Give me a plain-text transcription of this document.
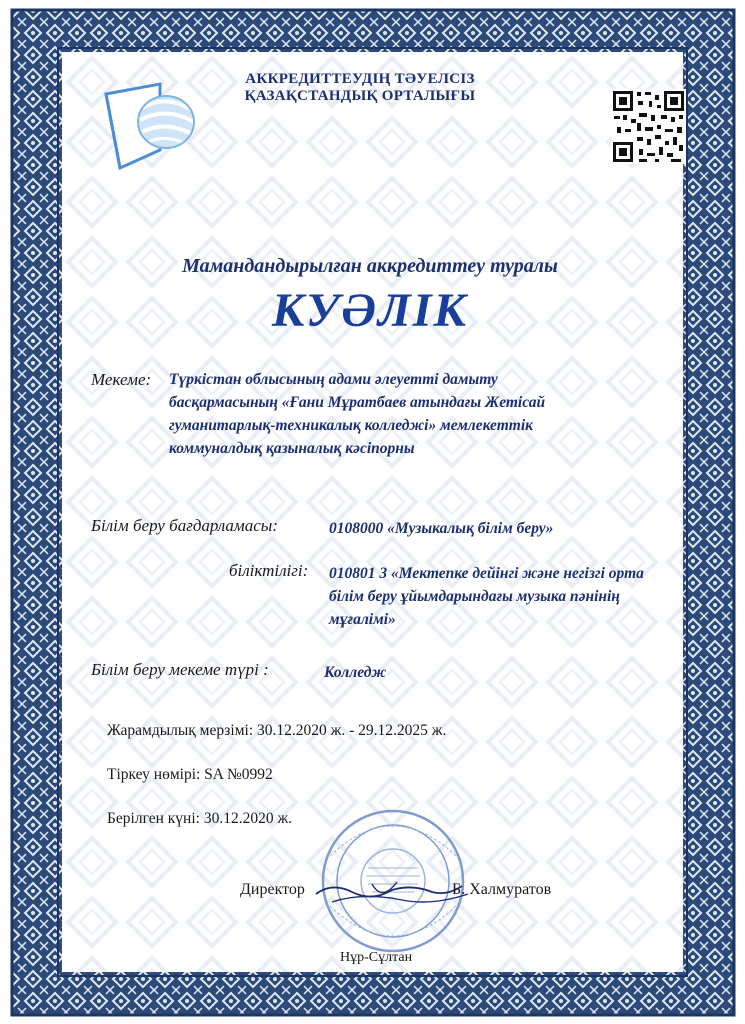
АККРЕДИТТЕУДІҢ ТӘУЕЛСІЗ
ҚАЗАҚСТАНДЫҚ ОРТАЛЫҒЫ
Мамандандырылған аккредиттеу туралы
КУӘЛІК
Мекеме: Түркістан облысының адами әлеуетті дамыту
басқармасының «Ғани Мұратбаев атындағы Жетісай
гуманитарлық-техникалық колледжі» мемлекеттік
коммуналдық қазыналық кәсіпорны
Білім беру бағдарламасы:	0108000 «Музыкалық білім беру»
біліктілігі: 010801 3 «Мектепке дейінгі және негізгі орта
білім беру ұйымдарындағы музыка пәнінің
мұғалімі»
Білім беру мекеме түрі :	Колледж
Жарамдылық мерзімі: 30.12.2020 ж. - 29.12.2025 ж.
Тіркеу нөмірі: SA №0992
Берілген күні: 30.12.2020 ж.
Директор	Б. Халмуратов
Нұр-Сұлтан
